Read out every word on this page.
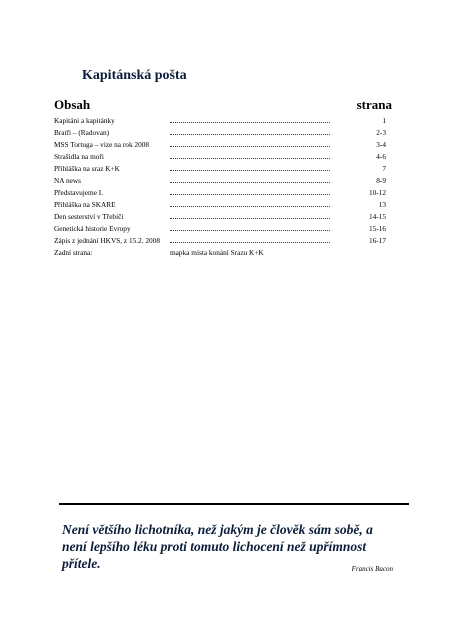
Kapitánská pošta
Obsah	strana
Kapitáni a kapitánky	1
Bratři – (Radovan)	2-3
MSS Tortuga – vize na rok 2008	3-4
Strašidla na moři	4-6
Přihláška na sraz K+K	7
NA news	8-9
Představujeme I.	10-12
Přihláška na SKARE	13
Den sesterství v Třebíči	14-15
Genetická historie Evropy	15-16
Zápis z jednání HKVS, z 15.2. 2008	16-17
Zadní strana:	mapka místa konání Srazu K+K
Není většího lichotníka, než jakým je člověk sám sobě, a
není lepšího léku proti tomuto lichocení než upřímnost
přítele.	Francis Bacon
